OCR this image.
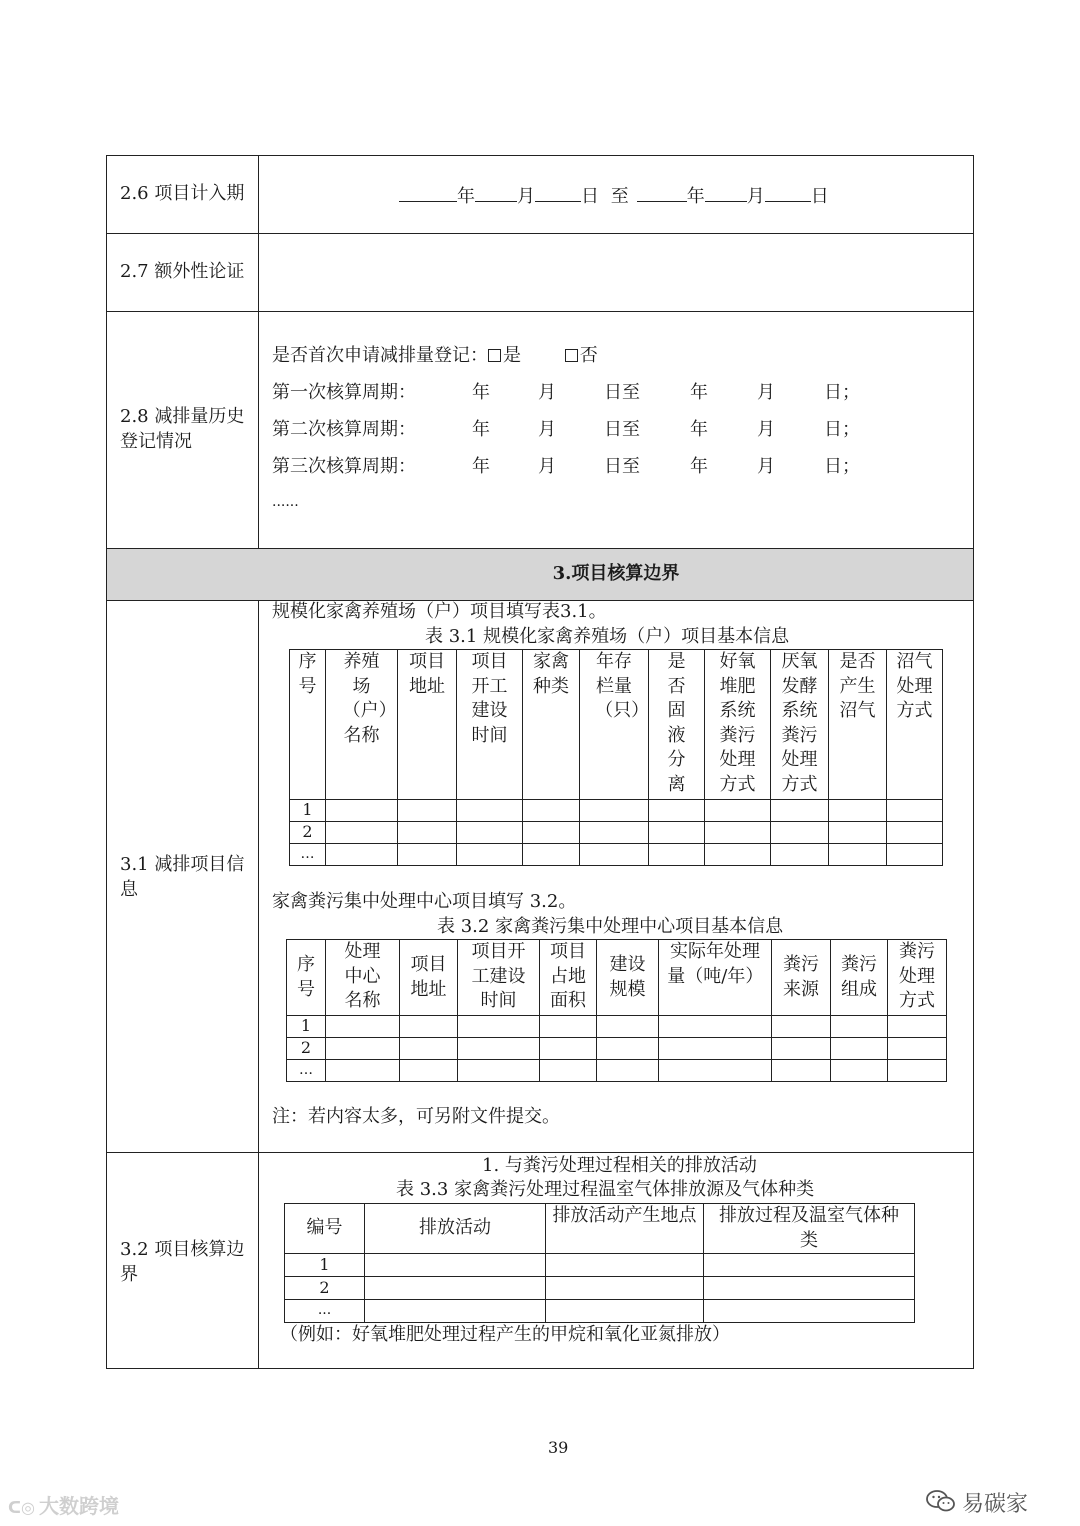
2.6 项目计入期	年 月	日 至	年 月	日
2.7 额外性论证
2.8 减排量历史登记情况
是否首次申请减排量登记： 是	否
第一次核算周期：	年	月	日至	年	月	日；
第二次核算周期：	年	月	日至	年	月	日；
第三次核算周期：	年	月	日至	年	月	日；
......
3.项目核算边界
3.1 减排项目信息
规模化家禽养殖场（户）项目填写表3.1。
表 3.1 规模化家禽养殖场（户）项目基本信息
序号	养殖场（户）名称	项目地址	项目开工建设时间	家禽种类	年存栏量（只）	是否固液分离	好氧堆肥系统粪污处理方式	厌氧发酵系统粪污处理方式	是否产生沼气	沼气处理方式

1										
2										
…										
家禽粪污集中处理中心项目填写 3.2。
表 3.2 家禽粪污集中处理中心项目基本信息
序号	处理中心名称	项目地址	项目开工建设时间	项目占地面积	建设规模	实际年处理量（吨/年）	粪污来源	粪污组成	粪污处理方式

1									
2									
…									
注：若内容太多，可另附文件提交。
3.2 项目核算边界
1. 与粪污处理过程相关的排放活动
表 3.3 家禽粪污处理过程温室气体排放源及气体种类
编号	排放活动	排放活动产生地点	排放过程及温室气体种类

1			
2			
...			
（例如：好氧堆肥处理过程产生的甲烷和氧化亚氮排放）
39
ᑕ◎ 大数跨境	易碳家
